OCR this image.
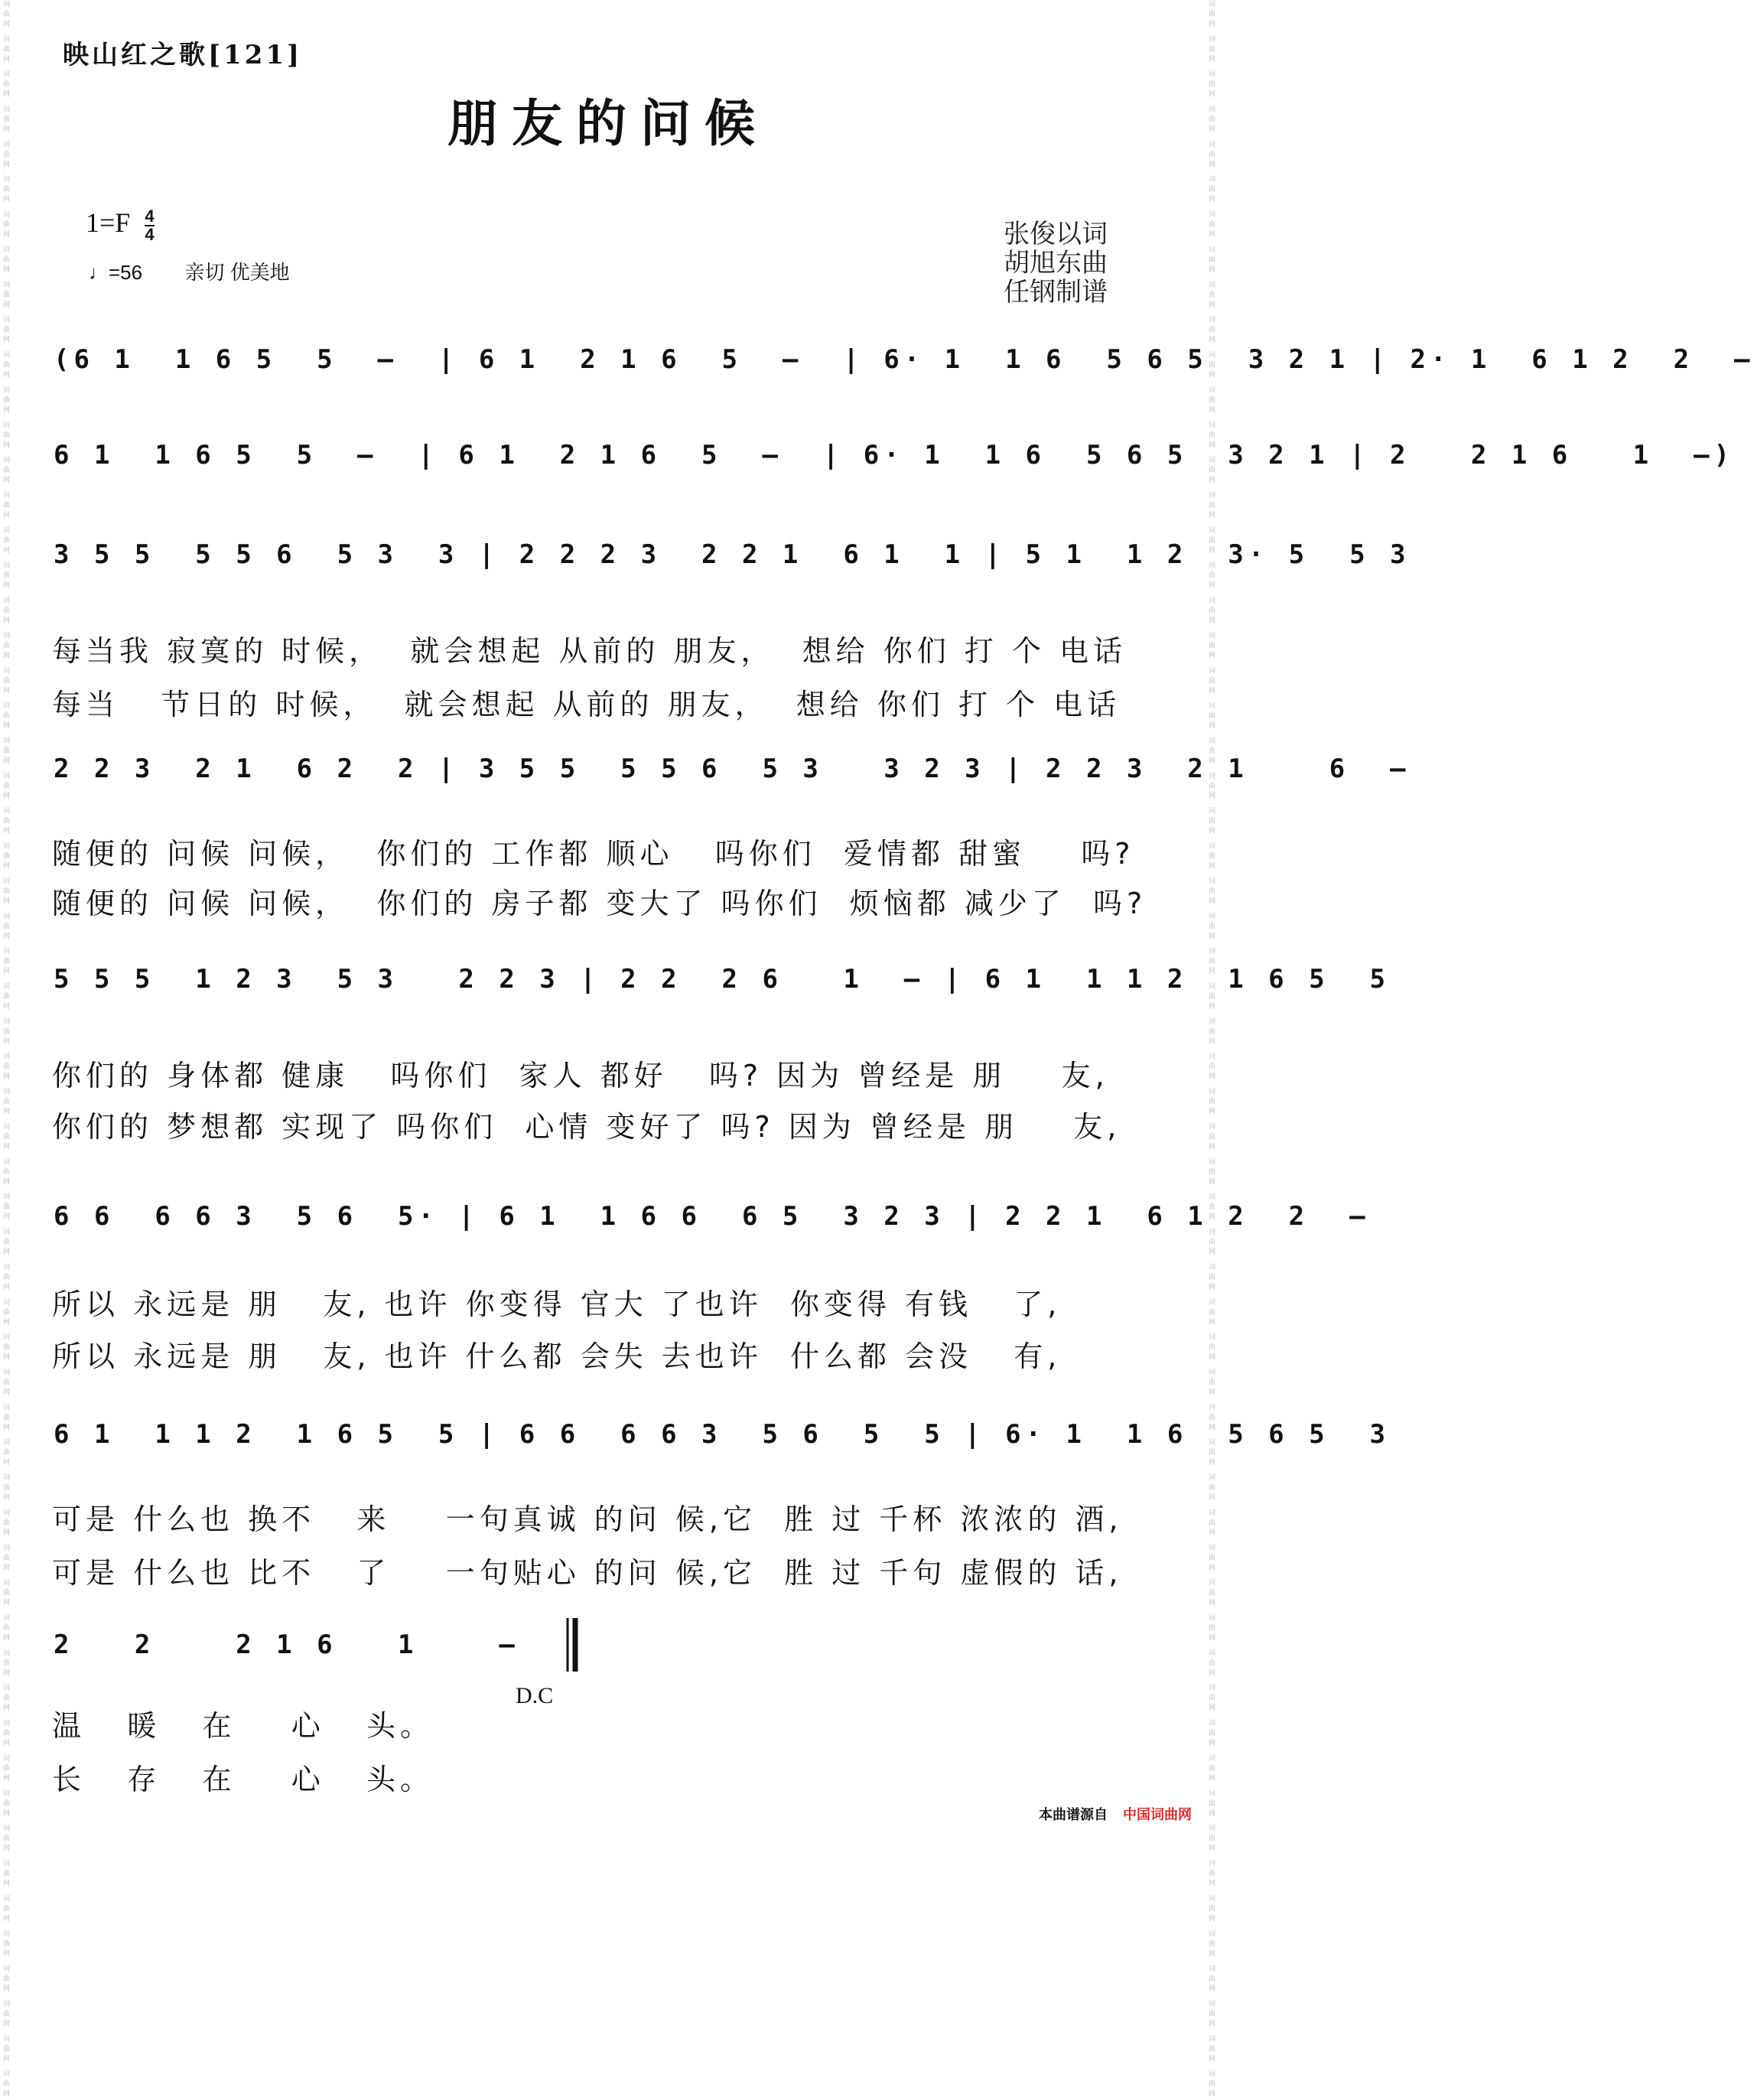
词曲网 词曲网 词曲网 词曲网 词曲网 词曲网 词曲网 词曲网 词曲网 词曲网 词曲网 词曲网 词曲网 词曲网 词曲网 词曲网 词曲网 词曲网 词曲网 词曲网 词曲网 词曲网 词曲网 词曲网 词曲网 词曲网 词曲网 词曲网 词曲网 词曲网 词曲网 词曲网 词曲网 词曲网 词曲网 词曲网 词曲网 词曲网 词曲网 词曲网 词曲网 词曲网 词曲网 词曲网 词曲网 词曲网 词曲网 词曲网 词曲网 词曲网 词曲网 词曲网 词曲网 词曲网 词曲网 词曲网 词曲网 词曲网 词曲网 词曲网	词曲网 词曲网 词曲网 词曲网 词曲网 词曲网 词曲网 词曲网 词曲网 词曲网 词曲网 词曲网 词曲网 词曲网 词曲网 词曲网 词曲网 词曲网 词曲网 词曲网 词曲网 词曲网 词曲网 词曲网 词曲网 词曲网 词曲网 词曲网 词曲网 词曲网 词曲网 词曲网 词曲网 词曲网 词曲网 词曲网 词曲网 词曲网 词曲网 词曲网 词曲网 词曲网 词曲网 词曲网 词曲网 词曲网 词曲网 词曲网 词曲网 词曲网 词曲网 词曲网 词曲网 词曲网 词曲网 词曲网 词曲网 词曲网 词曲网 词曲网
映山红之歌[121]
朋友的问候
$1=F \frac{4}{4}$
♩=56 亲切 优美地
张俊以词
胡旭东曲
任钢制谱
(6 1  1 6 5  5  –  | 6 1  2 1 6  5  –  | 6· 1  1 6  5 6 5  3 2 1 | 2· 1  6 1 2  2  –
6 1  1 6 5  5  –  | 6 1  2 1 6  5  –  | 6· 1  1 6  5 6 5  3 2 1 | 2   2 1 6   1  –)
3 5 5  5 5 6  5 3  3 | 2 2 2 3  2 2 1  6 1  1 | 5 1  1 2  3· 5  5 3
2 2 3  2 1  6 2  2 | 3 5 5  5 5 6  5 3   3 2 3 | 2 2 3  2 1    6  –
5 5 5  1 2 3  5 3   2 2 3 | 2 2  2 6   1  – | 6 1  1 1 2  1 6 5  5
6 6  6 6 3  5 6  5· | 6 1  1 6 6  6 5  3 2 3 | 2 2 1  6 1 2  2  –
6 1  1 1 2  1 6 5  5 | 6 6  6 6 3  5 6  5  5 | 6· 1  1 6  5 6 5  3
2   2    2 1 6   1    –
每当我 寂寞的 时候，  就会想起 从前的 朋友，  想给 你们 打 个 电话
每当   节日的 时候，  就会想起 从前的 朋友，  想给 你们 打 个 电话
随便的 问候 问候，  你们的 工作都 顺心   吗你们  爱情都 甜蜜    吗?
随便的 问候 问候，  你们的 房子都 变大了 吗你们  烦恼都 减少了  吗?
你们的 身体都 健康   吗你们  家人 都好   吗? 因为 曾经是 朋    友,
你们的 梦想都 实现了 吗你们  心情 变好了 吗? 因为 曾经是 朋    友,
所以 永远是 朋   友, 也许 你变得 官大 了也许  你变得 有钱   了,
所以 永远是 朋   友, 也许 什么都 会失 去也许  什么都 会没   有,
可是 什么也 换不   来    一句真诚 的问 候,它  胜 过 千杯 浓浓的 酒,
可是 什么也 比不   了    一句贴心 的问 候,它  胜 过 千句 虚假的 话,
温   暖   在    心   头。
长   存   在    心   头。
D.C
本曲谱源自 中国词曲网
